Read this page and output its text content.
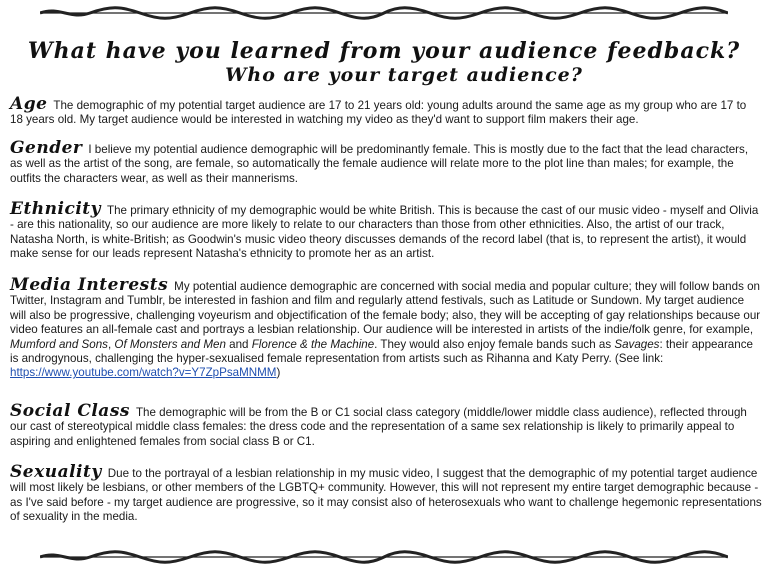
What have you learned from your audience feedback?
Who are your target audience?
Age The demographic of my potential target audience are 17 to 21 years old: young adults around the same age as my group who are 17 to 18 years old. My target audience would be interested in watching my video as they'd want to support film makers their age.
Gender I believe my potential audience demographic will be predominantly female. This is mostly due to the fact that the lead characters, as well as the artist of the song, are female, so automatically the female audience will relate more to the plot line than males; for example, the outfits the characters wear, as well as their mannerisms.
Ethnicity The primary ethnicity of my demographic would be white British. This is because the cast of our music video - myself and Olivia - are this nationality, so our audience are more likely to relate to our characters than those from other ethnicities. Also, the artist of our track, Natasha North, is white-British; as Goodwin's music video theory discusses demands of the record label (that is, to represent the artist), it would make sense for our leads represent Natasha's ethnicity to promote her as an artist.
Media Interests My potential audience demographic are concerned with social media and popular culture; they will follow bands on Twitter, Instagram and Tumblr, be interested in fashion and film and regularly attend festivals, such as Latitude or Sundown. My target audience will also be progressive, challenging voyeurism and objectification of the female body; also, they will be accepting of gay relationships because our video features an all-female cast and portrays a lesbian relationship. Our audience will be interested in artists of the indie/folk genre, for example, Mumford and Sons, Of Monsters and Men and Florence & the Machine. They would also enjoy female bands such as Savages: their appearance is androgynous, challenging the hyper-sexualised female representation from artists such as Rihanna and Katy Perry. (See link: https://www.youtube.com/watch?v=Y7ZpPsaMNMM)
Social Class The demographic will be from the B or C1 social class category (middle/lower middle class audience), reflected through our cast of stereotypical middle class females: the dress code and the representation of a same sex relationship is likely to primarily appeal to aspiring and enlightened females from social class B or C1.
Sexuality Due to the portrayal of a lesbian relationship in my music video, I suggest that the demographic of my potential target audience will most likely be lesbians, or other members of the LGBTQ+ community. However, this will not represent my entire target demographic because - as I've said before - my target audience are progressive, so it may consist also of heterosexuals who want to challenge hegemonic representations of sexuality in the media.
